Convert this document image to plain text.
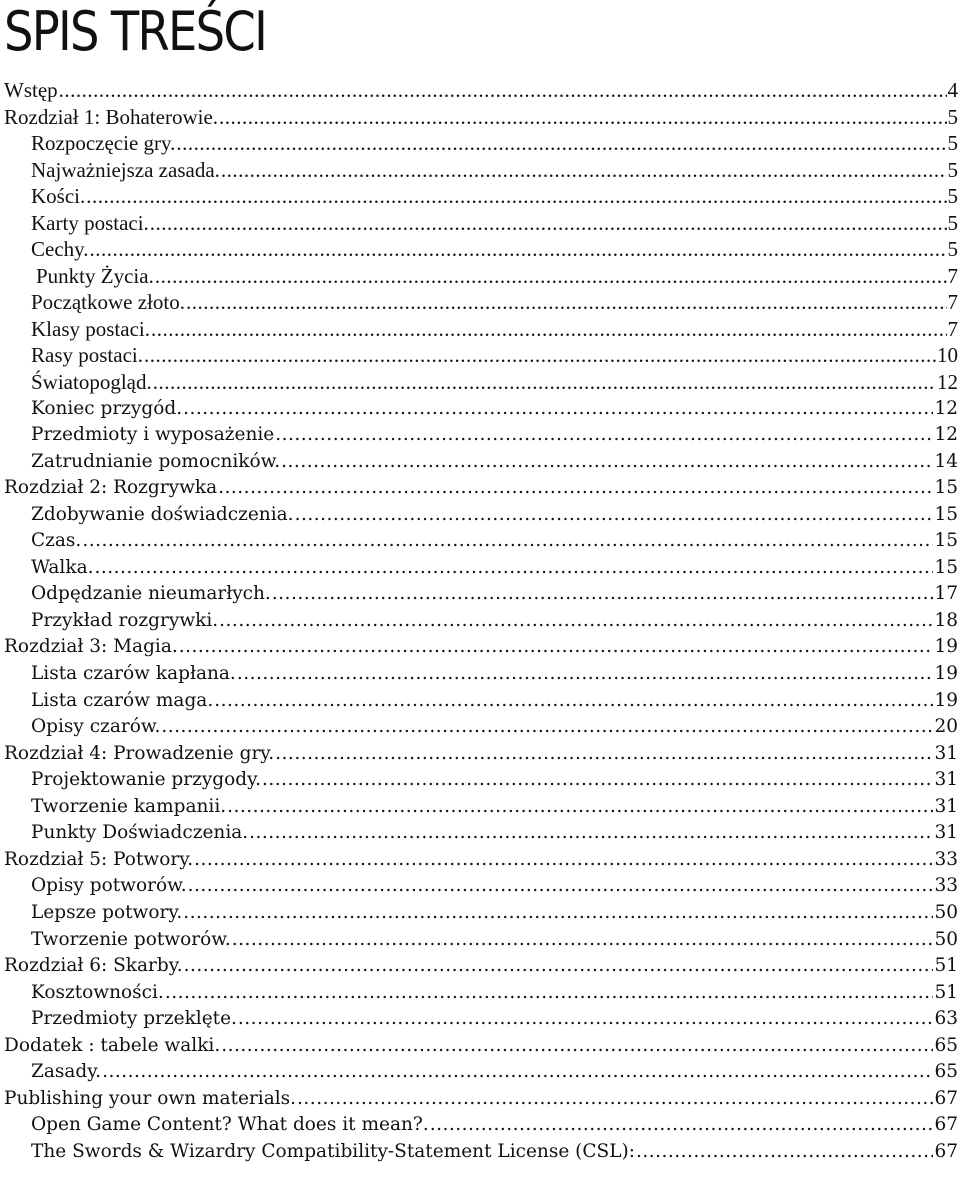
SPIS TREŚCI
Wstęp .....	4
Rozdział 1: Bohaterowie. .....	5
Rozpoczęcie gry. .....	5
Najważniejsza zasada. .....	5
Kości. .....	5
Karty postaci. .....	5
Cechy. .....	5
Punkty Życia. .....	7
Początkowe złoto. .....	7
Klasy postaci. .....	7
Rasy postaci. .....	10
Światopogląd. .....	12
Koniec przygód. .....	12
Przedmioty i wyposażenie .....	12
Zatrudnianie pomocników. .....	14
Rozdział 2: Rozgrywka .....	15
Zdobywanie doświadczenia. .....	15
Czas. .....	15
Walka. .....	15
Odpędzanie nieumarłych. .....	17
Przykład rozgrywki. .....	18
Rozdział 3: Magia. .....	19
Lista czarów kapłana. .....	19
Lista czarów maga. .....	19
Opisy czarów. .....	20
Rozdział 4: Prowadzenie gry. .....	31
Projektowanie przygody. .....	31
Tworzenie kampanii. .....	31
Punkty Doświadczenia. .....	31
Rozdział 5: Potwory. .....	33
Opisy potworów. .....	33
Lepsze potwory. .....	50
Tworzenie potworów. .....	50
Rozdział 6: Skarby. .....	51
Kosztowności. .....	51
Przedmioty przeklęte. .....	63
Dodatek : tabele walki. .....	65
Zasady. .....	65
Publishing your own materials. .....	67
Open Game Content? What does it mean?. .....	67
The Swords & Wizardry Compatibility-Statement License (CSL): .....	67
